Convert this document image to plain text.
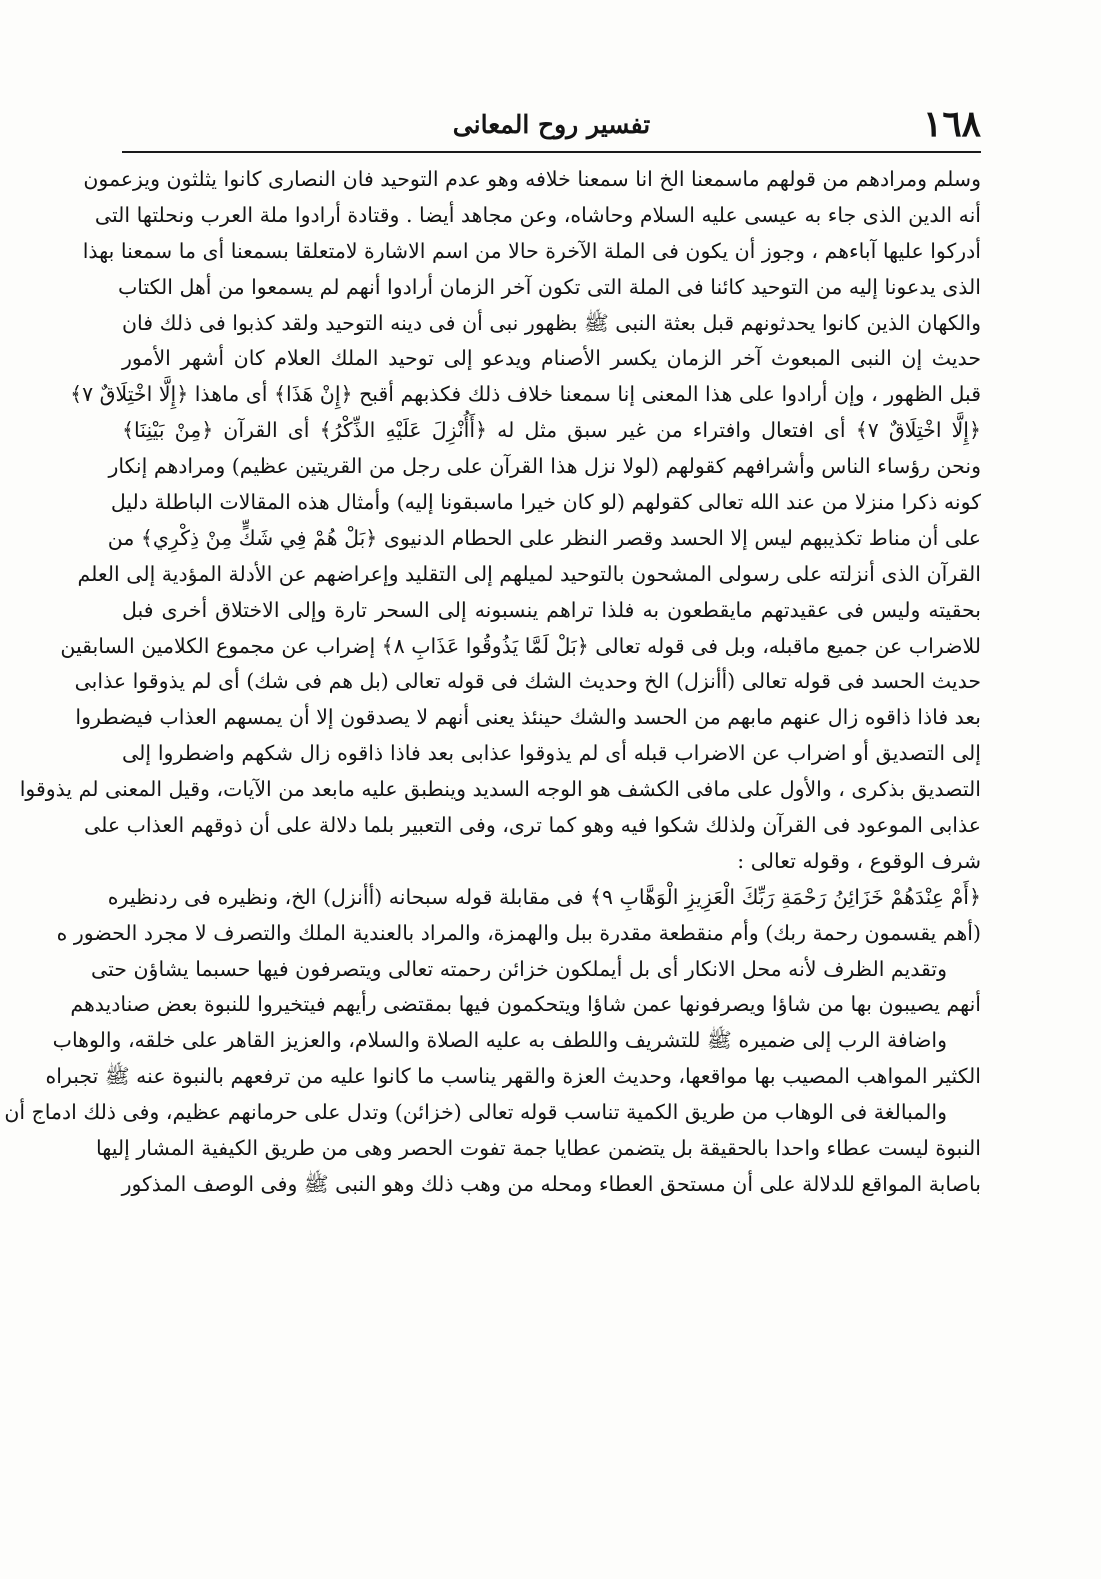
١٦٨
تفسير روح المعانى
وسلم ومرادهم من قولهم ماسمعنا الخ انا سمعنا خلافه وهو عدم التوحيد فان النصارى كانوا يثلثون ويزعمون
أنه الدين الذى جاء به عيسى عليه السلام وحاشاه، وعن مجاهد أيضا . وقتادة أرادوا ملة العرب ونحلتها التى
أدركوا عليها آباءهم ، وجوز أن يكون فى الملة الآخرة حالا من اسم الاشارة لامتعلقا بسمعنا أى ما سمعنا بهذا
الذى يدعونا إليه من التوحيد كائنا فى الملة التى تكون آخر الزمان أرادوا أنهم لم يسمعوا من أهل الكتاب
والكهان الذين كانوا يحدثونهم قبل بعثة النبى ﷺ بظهور نبى أن فى دينه التوحيد ولقد كذبوا فى ذلك فان
حديث إن النبى المبعوث آخر الزمان يكسر الأصنام ويدعو إلى توحيد الملك العلام كان أشهر الأمور
قبل الظهور ، وإن أرادوا على هذا المعنى إنا سمعنا خلاف ذلك فكذبهم أقبح ﴿إِنْ هَذَا﴾ أى ماهذا ﴿إِلَّا اخْتِلَاقٌ ٧﴾
﴿إِلَّا اخْتِلَاقٌ ٧﴾ أى افتعال وافتراء من غير سبق مثل له ﴿أَأُنْزِلَ عَلَيْهِ الذِّكْرُ﴾ أى القرآن ﴿مِنْ بَيْنِنَا﴾
ونحن رؤساء الناس وأشرافهم كقولهم (لولا نزل هذا القرآن على رجل من القريتين عظيم) ومرادهم إنكار
كونه ذكرا منزلا من عند الله تعالى كقولهم (لو كان خيرا ماسبقونا إليه) وأمثال هذه المقالات الباطلة دليل
على أن مناط تكذيبهم ليس إلا الحسد وقصر النظر على الحطام الدنيوى ﴿بَلْ هُمْ فِي شَكٍّ مِنْ ذِكْرِي﴾ من
القرآن الذى أنزلته على رسولى المشحون بالتوحيد لميلهم إلى التقليد وإعراضهم عن الأدلة المؤدية إلى العلم
بحقيته وليس فى عقيدتهم مايقطعون به فلذا تراهم ينسبونه إلى السحر تارة وإلى الاختلاق أخرى فبل
للاضراب عن جميع ماقبله، وبل فى قوله تعالى ﴿بَلْ لَمَّا يَذُوقُوا عَذَابِ ٨﴾ إضراب عن مجموع الكلامين السابقين
حديث الحسد فى قوله تعالى (أأنزل) الخ وحديث الشك فى قوله تعالى (بل هم فى شك) أى لم يذوقوا عذابى
بعد فاذا ذاقوه زال عنهم مابهم من الحسد والشك حينئذ يعنى أنهم لا يصدقون إلا أن يمسهم العذاب فيضطروا
إلى التصديق أو اضراب عن الاضراب قبله أى لم يذوقوا عذابى بعد فاذا ذاقوه زال شكهم واضطروا إلى
التصديق بذكرى ، والأول على مافى الكشف هو الوجه السديد وينطبق عليه مابعد من الآيات، وقيل المعنى لم يذوقوا
عذابى الموعود فى القرآن ولذلك شكوا فيه وهو كما ترى، وفى التعبير بلما دلالة على أن ذوقهم العذاب على
شرف الوقوع ، وقوله تعالى :
﴿أَمْ عِنْدَهُمْ خَزَائِنُ رَحْمَةِ رَبِّكَ الْعَزِيزِ الْوَهَّابِ ٩﴾ فى مقابلة قوله سبحانه (أأنزل) الخ، ونظيره فى ردنظيره
(أهم يقسمون رحمة ربك) وأم منقطعة مقدرة ببل والهمزة، والمراد بالعندية الملك والتصرف لا مجرد الحضور ه
وتقديم الظرف لأنه محل الانكار أى بل أيملكون خزائن رحمته تعالى ويتصرفون فيها حسبما يشاؤن حتى
أنهم يصيبون بها من شاؤا ويصرفونها عمن شاؤا ويتحكمون فيها بمقتضى رأيهم فيتخيروا للنبوة بعض صناديدهم
واضافة الرب إلى ضميره ﷺ للتشريف واللطف به عليه الصلاة والسلام، والعزيز القاهر على خلقه، والوهاب
الكثير المواهب المصيب بها مواقعها، وحديث العزة والقهر يناسب ما كانوا عليه من ترفعهم بالنبوة عنه ﷺ تجبراه
والمبالغة فى الوهاب من طريق الكمية تناسب قوله تعالى (خزائن) وتدل على حرمانهم عظيم، وفى ذلك ادماج أن
النبوة ليست عطاء واحدا بالحقيقة بل يتضمن عطايا جمة تفوت الحصر وهى من طريق الكيفية المشار إليها
باصابة المواقع للدلالة على أن مستحق العطاء ومحله من وهب ذلك وهو النبى ﷺ وفى الوصف المذكور
